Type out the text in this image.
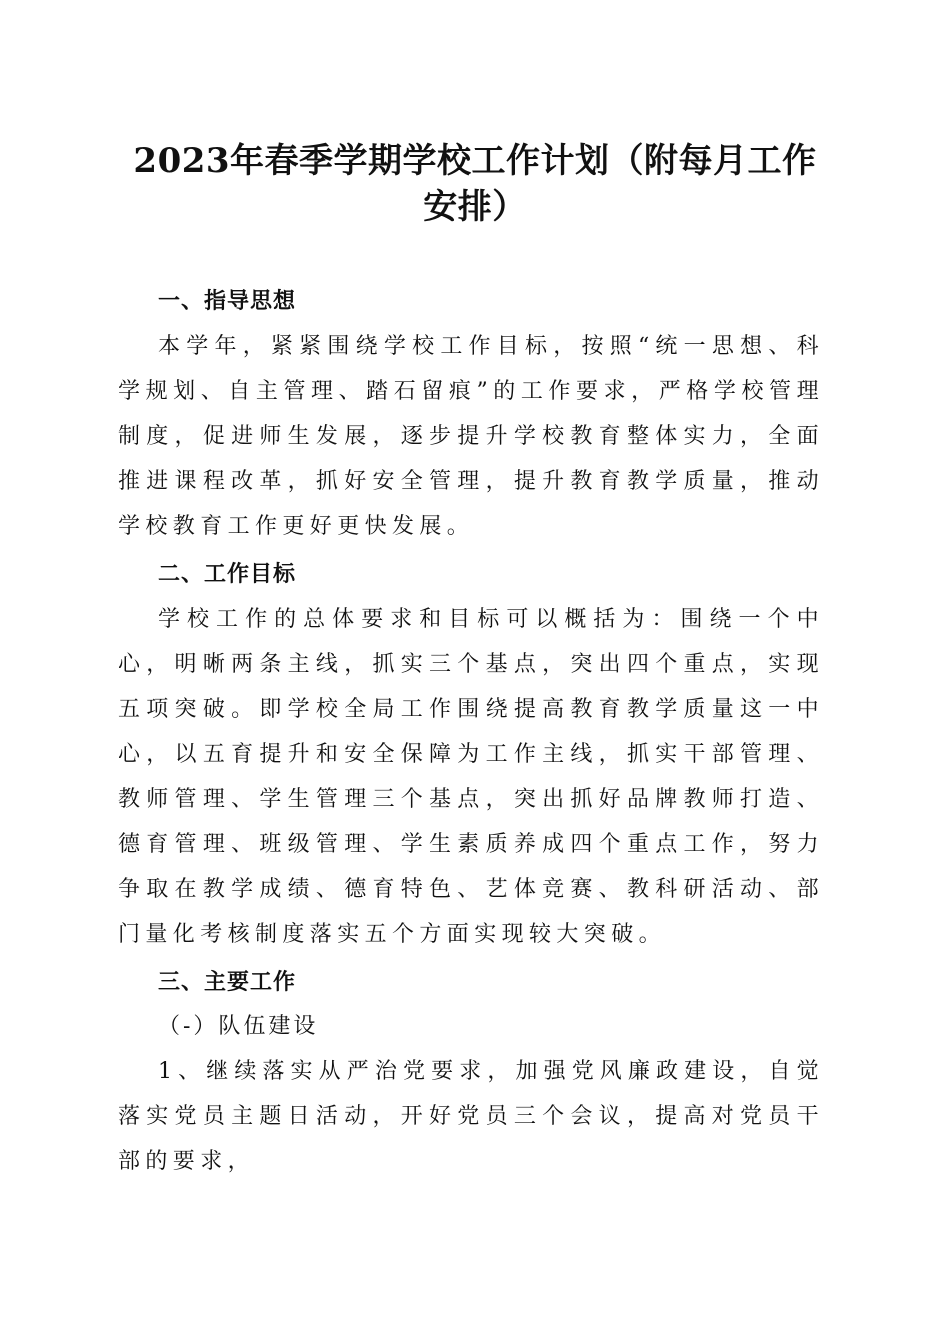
2023年春季学期学校工作计划（附每月工作
安排）
一、指导思想

本学年，紧紧围绕学校工作目标，按照“统一思想、科学规划、自主管理、踏石留痕”的工作要求，严格学校管理制度，促进师生发展，逐步提升学校教育整体实力，全面推进课程改革，抓好安全管理，提升教育教学质量，推动学校教育工作更好更快发展。

二、工作目标

学校工作的总体要求和目标可以概括为：围绕一个中心，明晰两条主线，抓实三个基点，突出四个重点，实现五项突破。即学校全局工作围绕提高教育教学质量这一中心，以五育提升和安全保障为工作主线，抓实干部管理、教师管理、学生管理三个基点，突出抓好品牌教师打造、德育管理、班级管理、学生素质养成四个重点工作，努力争取在教学成绩、德育特色、艺体竞赛、教科研活动、部门量化考核制度落实五个方面实现较大突破。

三、主要工作
（-）队伍建设

1、继续落实从严治党要求，加强党风廉政建设，自觉落实党员主题日活动，开好党员三个会议，提高对党员干部的要求，
